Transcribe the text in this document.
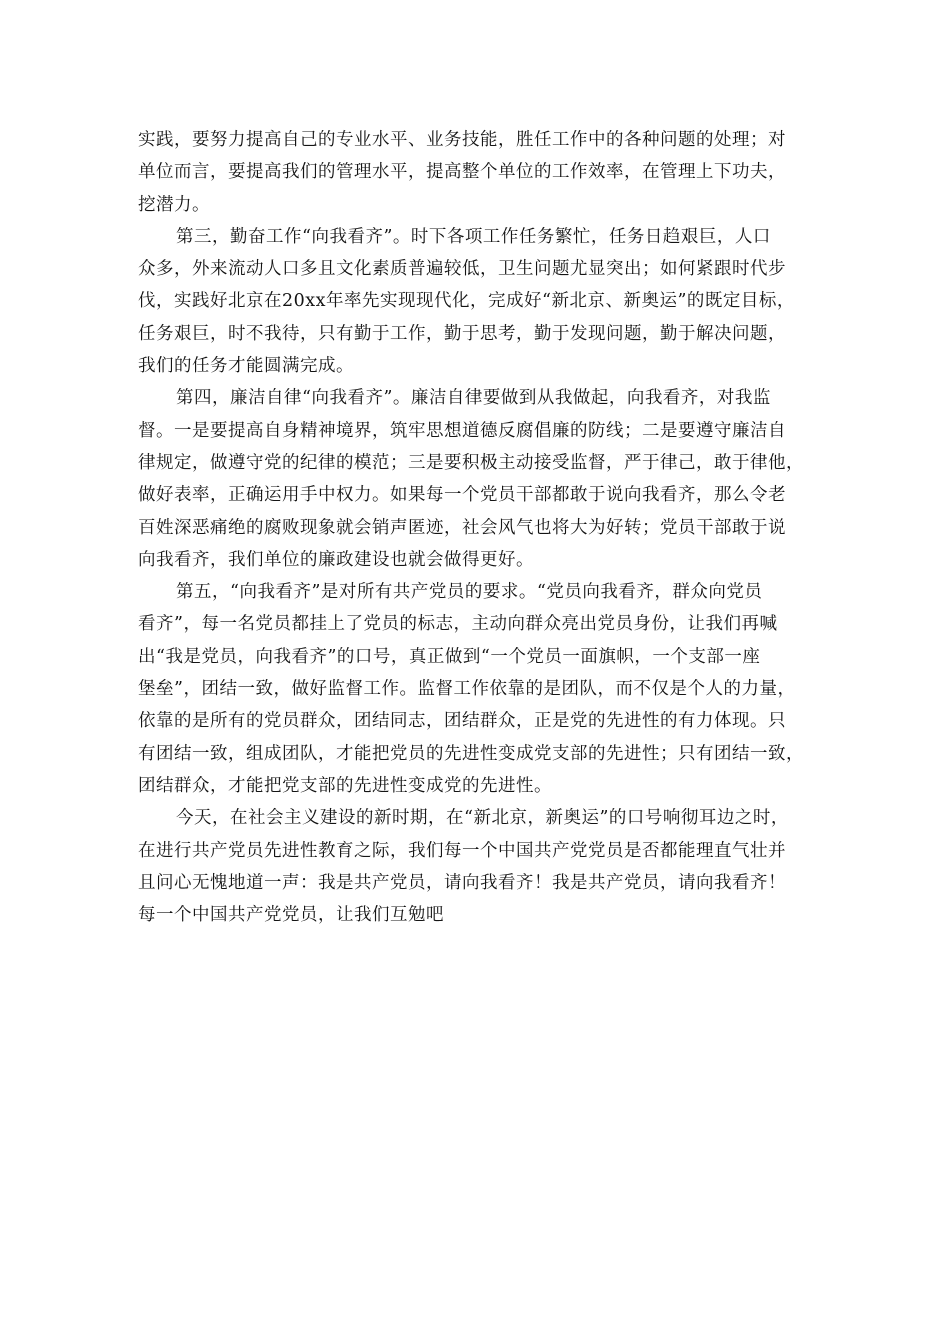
实践，要努力提高自己的专业水平、业务技能，胜任工作中的各种问题的处理；对
单位而言，要提高我们的管理水平，提高整个单位的工作效率，在管理上下功夫，
挖潜力。
第三，勤奋工作“向我看齐”。时下各项工作任务繁忙，任务日趋艰巨，人口
众多，外来流动人口多且文化素质普遍较低，卫生问题尤显突出；如何紧跟时代步
伐，实践好北京在20xx年率先实现现代化，完成好“新北京、新奥运”的既定目标，
任务艰巨，时不我待，只有勤于工作，勤于思考，勤于发现问题，勤于解决问题，
我们的任务才能圆满完成。
第四，廉洁自律“向我看齐”。廉洁自律要做到从我做起，向我看齐，对我监
督。一是要提高自身精神境界，筑牢思想道德反腐倡廉的防线；二是要遵守廉洁自
律规定，做遵守党的纪律的模范；三是要积极主动接受监督，严于律己，敢于律他，
做好表率，正确运用手中权力。如果每一个党员干部都敢于说向我看齐，那么令老
百姓深恶痛绝的腐败现象就会销声匿迹，社会风气也将大为好转；党员干部敢于说
向我看齐，我们单位的廉政建设也就会做得更好。
第五，“向我看齐”是对所有共产党员的要求。“党员向我看齐，群众向党员
看齐”，每一名党员都挂上了党员的标志，主动向群众亮出党员身份，让我们再喊
出“我是党员，向我看齐”的口号，真正做到“一个党员一面旗帜，一个支部一座
堡垒”，团结一致，做好监督工作。监督工作依靠的是团队，而不仅是个人的力量，
依靠的是所有的党员群众，团结同志，团结群众，正是党的先进性的有力体现。只
有团结一致，组成团队，才能把党员的先进性变成党支部的先进性；只有团结一致，
团结群众，才能把党支部的先进性变成党的先进性。
今天，在社会主义建设的新时期，在“新北京，新奥运”的口号响彻耳边之时，
在进行共产党员先进性教育之际，我们每一个中国共产党党员是否都能理直气壮并
且问心无愧地道一声：我是共产党员，请向我看齐！我是共产党员，请向我看齐！
每一个中国共产党党员，让我们互勉吧
